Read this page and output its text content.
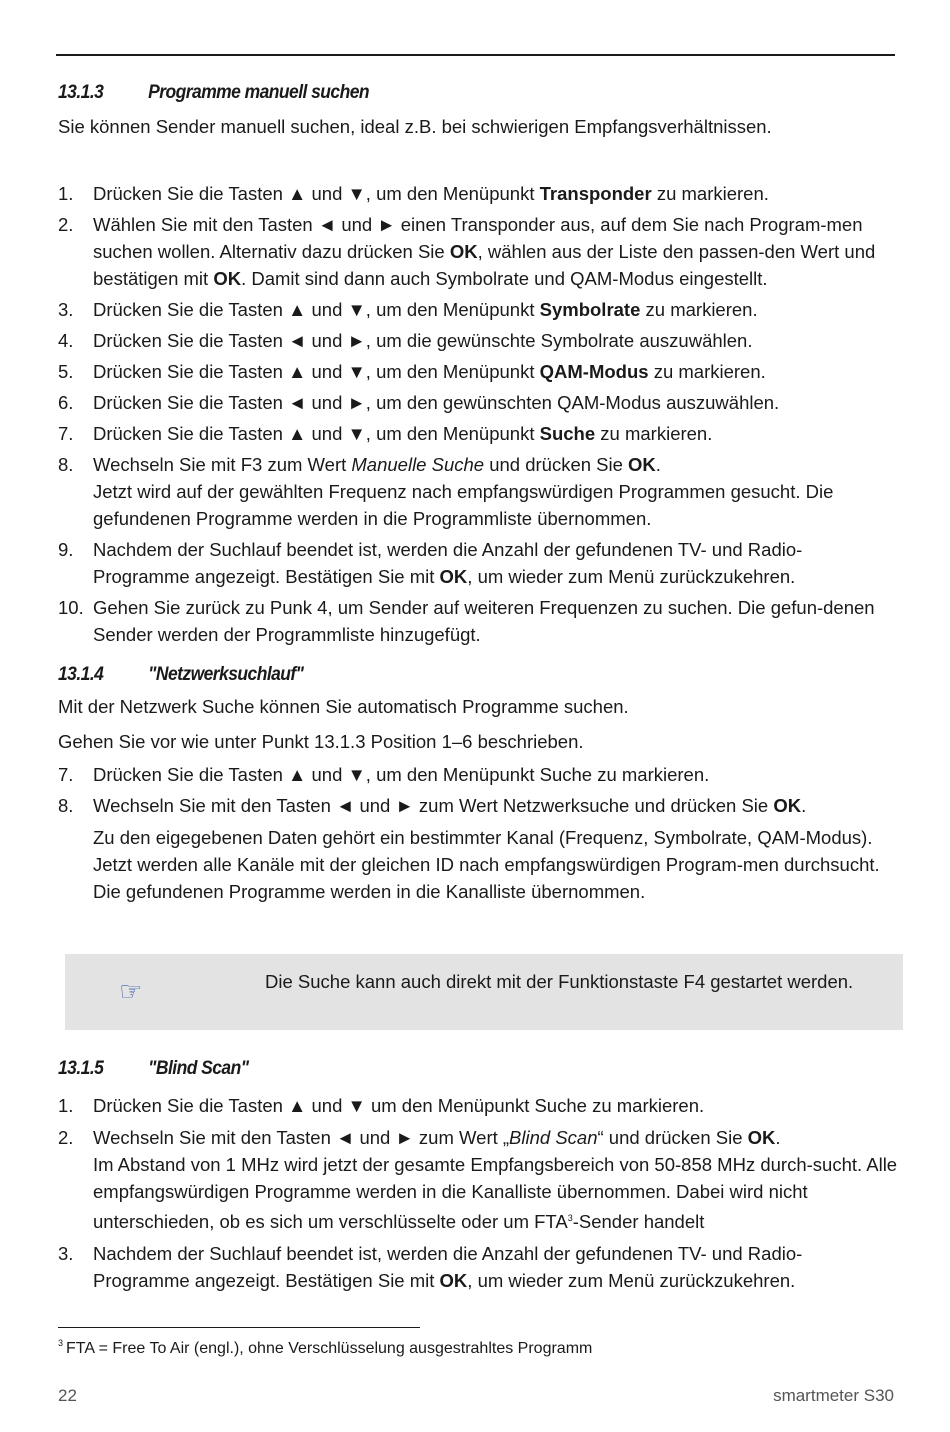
13.1.3	Programme manuell suchen

Sie können Sender manuell suchen, ideal z.B. bei schwierigen Empfangsverhältnissen.

1.	Drücken Sie die Tasten ▲ und ▼, um den Menüpunkt Transponder zu markieren.
2.	Wählen Sie mit den Tasten ◄ und ► einen Transponder aus, auf dem Sie nach Program-men suchen wollen. Alternativ dazu drücken Sie OK, wählen aus der Liste den passen-den Wert und bestätigen mit OK. Damit sind dann auch Symbolrate und QAM-Modus eingestellt.
3.	Drücken Sie die Tasten ▲ und ▼, um den Menüpunkt Symbolrate zu markieren.
4.	Drücken Sie die Tasten ◄ und ►, um die gewünschte Symbolrate auszuwählen.
5.	Drücken Sie die Tasten ▲ und ▼, um den Menüpunkt QAM-Modus zu markieren.
6.	Drücken Sie die Tasten ◄ und ►, um den gewünschten QAM-Modus auszuwählen.
7.	Drücken Sie die Tasten ▲ und ▼, um den Menüpunkt Suche zu markieren.
8.	Wechseln Sie mit F3 zum Wert Manuelle Suche und drücken Sie OK.
Jetzt wird auf der gewählten Frequenz nach empfangswürdigen Programmen gesucht. Die gefundenen Programme werden in die Programmliste übernommen.
9.	Nachdem der Suchlauf beendet ist, werden die Anzahl der gefundenen TV- und Radio-Programme angezeigt. Bestätigen Sie mit OK, um wieder zum Menü zurückzukehren.
10. Gehen Sie zurück zu Punk 4, um Sender auf weiteren Frequenzen zu suchen. Die gefun-denen Sender werden der Programmliste hinzugefügt.
13.1.4	"Netzwerksuchlauf"

Mit der Netzwerk Suche können Sie automatisch Programme suchen.

Gehen Sie vor wie unter Punkt 13.1.3 Position 1–6 beschrieben.

7.	Drücken Sie die Tasten ▲ und ▼, um den Menüpunkt Suche zu markieren.
8.	Wechseln Sie mit den Tasten ◄ und ► zum Wert Netzwerksuche und drücken Sie OK.

Zu den eigegebenen Daten gehört ein bestimmter Kanal (Frequenz, Symbolrate, QAM-Modus). Jetzt werden alle Kanäle mit der gleichen ID nach empfangswürdigen Program-men durchsucht. Die gefundenen Programme werden in die Kanalliste übernommen.

13.1.5	"Blind Scan"
1.	Drücken Sie die Tasten ▲ und ▼ um den Menüpunkt Suche zu markieren.
2.	Wechseln Sie mit den Tasten ◄ und ► zum Wert „Blind Scan“ und drücken Sie OK.
Im Abstand von 1 MHz wird jetzt der gesamte Empfangsbereich von 50-858 MHz durch-sucht. Alle empfangswürdigen Programme werden in die Kanalliste übernommen. Dabei wird nicht unterschieden, ob es sich um verschlüsselte oder um FTA$^3$-Sender handelt
3.	Nachdem der Suchlauf beendet ist, werden die Anzahl der gefundenen TV- und Radio-Programme angezeigt. Bestätigen Sie mit OK, um wieder zum Menü zurückzukehren.
☞	Die Suche kann auch direkt mit der Funktionstaste F4 gestartet werden.
$^3$ FTA = Free To Air (engl.), ohne Verschlüsselung ausgestrahltes Programm
22	smartmeter S30
